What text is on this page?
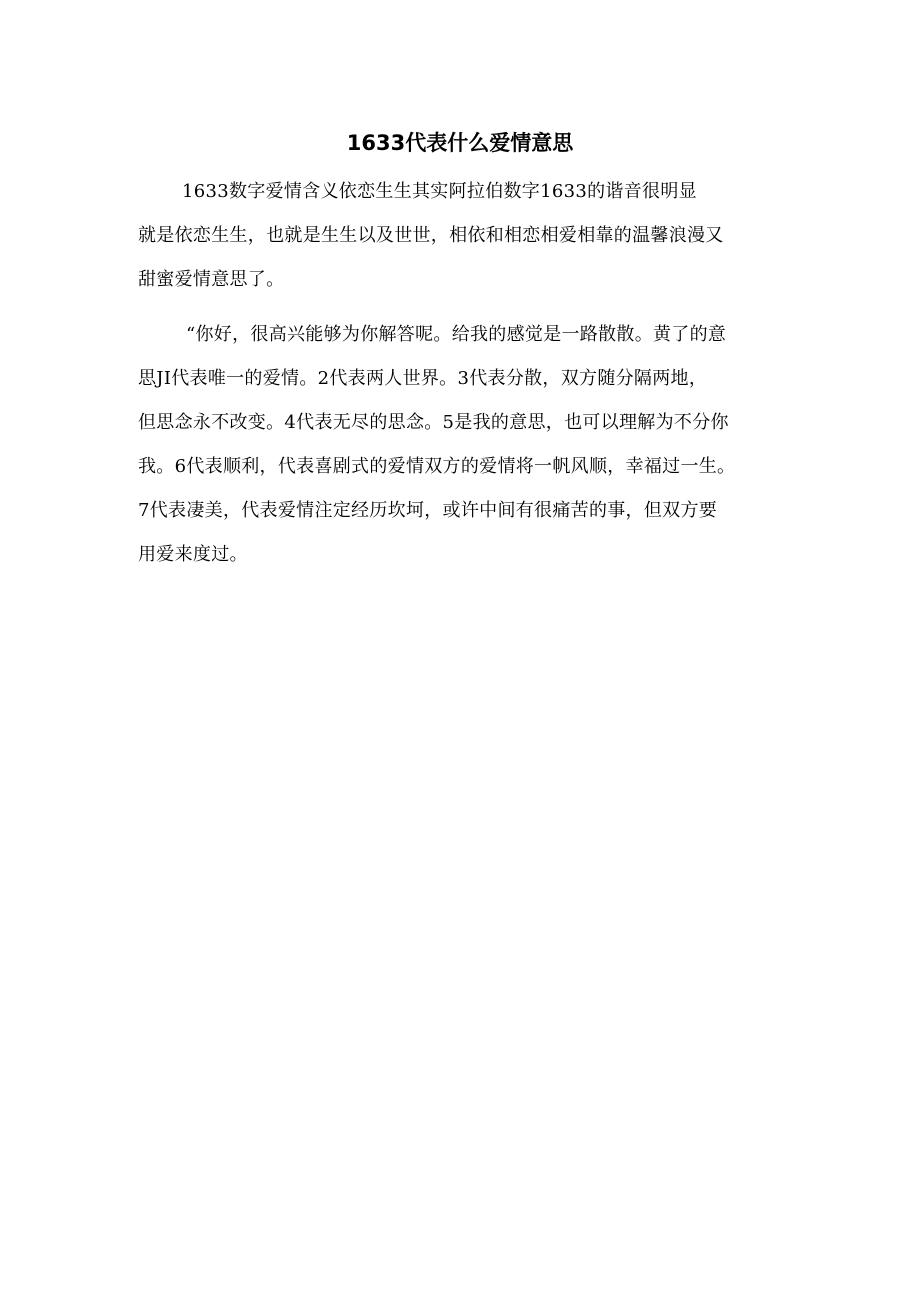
1633代表什么爱情意思

1633数字爱情含义依恋生生其实阿拉伯数字1633的谐音很明显
就是依恋生生，也就是生生以及世世，相依和相恋相爱相靠的温馨浪漫又
甜蜜爱情意思了。

“你好，很高兴能够为你解答呢。给我的感觉是一路散散。黄了的意
思JI代表唯一的爱情。2代表两人世界。3代表分散，双方随分隔两地，
但思念永不改变。4代表无尽的思念。5是我的意思，也可以理解为不分你
我。6代表顺利，代表喜剧式的爱情双方的爱情将一帆风顺，幸福过一生。
7代表凄美，代表爱情注定经历坎坷，或许中间有很痛苦的事，但双方要
用爱来度过。
